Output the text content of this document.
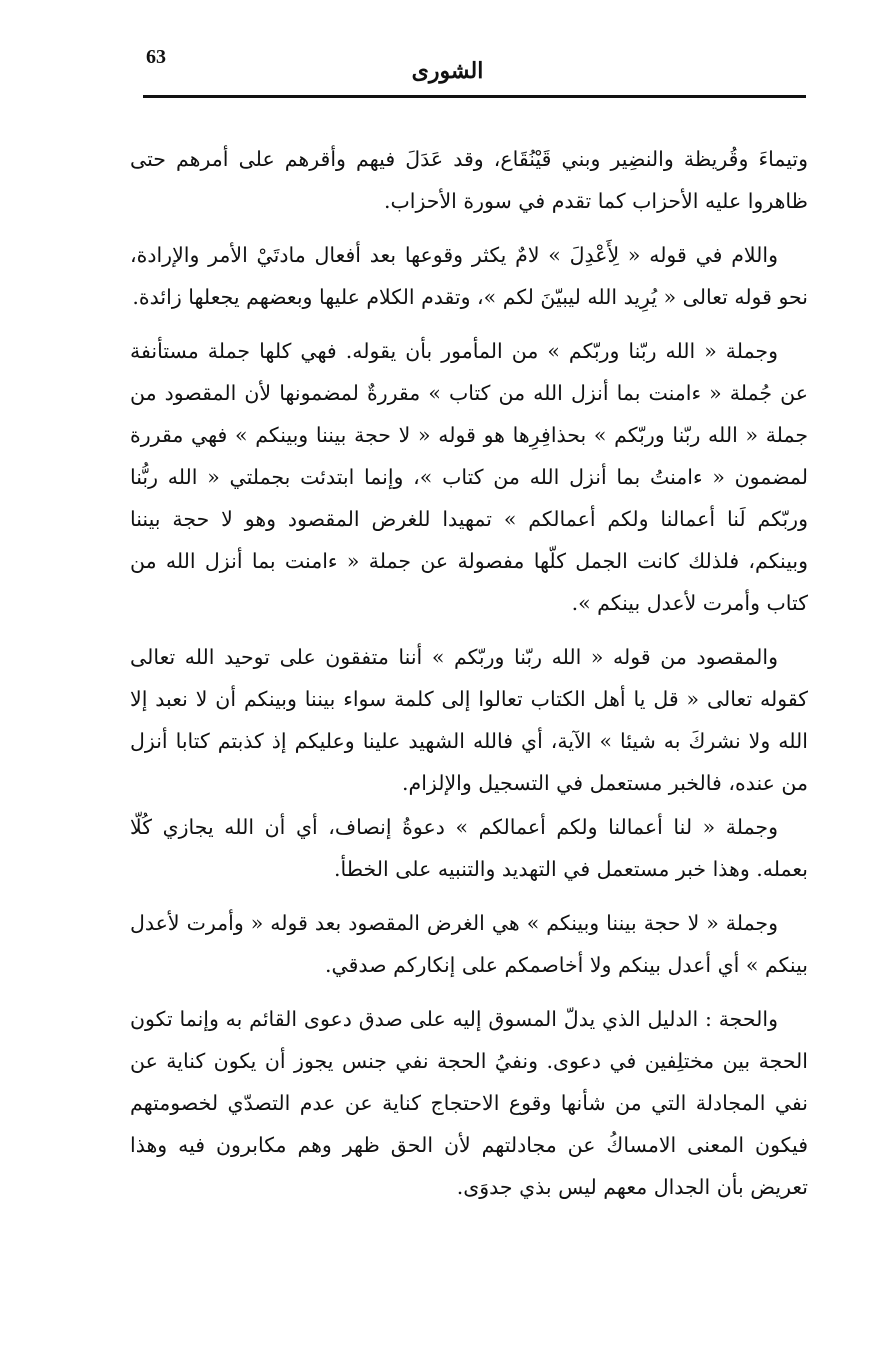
63
الشورى

وتيماءَ وقُريظة والنضِير وبني قَيْنُقَاع، وقد عَدَلَ فيهم وأقرهم على أمرهم حتى ظاهروا عليه الأحزاب كما تقدم في سورة الأحزاب.

واللام في قوله « لِأَعْدِلَ » لامٌ يكثر وقوعها بعد أفعال مادتَيْ الأمر والإرادة، نحو قوله تعالى « يُرِيد الله ليبيّنَ لكم »، وتقدم الكلام عليها وبعضهم يجعلها زائدة.

وجملة « الله ربّنا وربّكم » من المأمور بأن يقوله. فهي كلها جملة مستأنفة عن جُملة « ءامنت بما أنزل الله من كتاب » مقررةٌ لمضمونها لأن المقصود من جملة « الله ربّنا وربّكم » بحذافِرِها هو قوله « لا حجة بيننا وبينكم » فهي مقررة لمضمون « ءامنتُ بما أنزل الله من كتاب »، وإنما ابتدئت بجملتي « الله ربُّنا وربّكم لَنا أعمالنا ولكم أعمالكم » تمهيدا للغرض المقصود وهو لا حجة بيننا وبينكم، فلذلك كانت الجمل كلّها مفصولة عن جملة « ءامنت بما أنزل الله من كتاب وأمرت لأعدل بينكم ».

والمقصود من قوله « الله ربّنا وربّكم » أننا متفقون على توحيد الله تعالى كقوله تعالى « قل يا أهل الكتاب تعالوا إلى كلمة سواء بيننا وبينكم أن لا نعبد إلا الله ولا نشركَ به شيئا » الآية، أي فالله الشهيد علينا وعليكم إذ كذبتم كتابا أنزل من عنده، فالخبر مستعمل في التسجيل والإلزام.

وجملة « لنا أعمالنا ولكم أعمالكم » دعوةُ إنصاف، أي أن الله يجازي كُلّا بعمله. وهذا خبر مستعمل في التهديد والتنبيه على الخطأ.

وجملة « لا حجة بيننا وبينكم » هي الغرض المقصود بعد قوله « وأمرت لأعدل بينكم » أي أعدل بينكم ولا أخاصمكم على إنكاركم صدقي.

والحجة : الدليل الذي يدلّ المسوق إليه على صدق دعوى القائم به وإنما تكون الحجة بين مختلِفين في دعوى. ونفيُ الحجة نفي جنس يجوز أن يكون كناية عن نفي المجادلة التي من شأنها وقوع الاحتجاج كناية عن عدم التصدّي لخصومتهم فيكون المعنى الامساكُ عن مجادلتهم لأن الحق ظهر وهم مكابرون فيه وهذا تعريض بأن الجدال معهم ليس بذي جدوَى.
